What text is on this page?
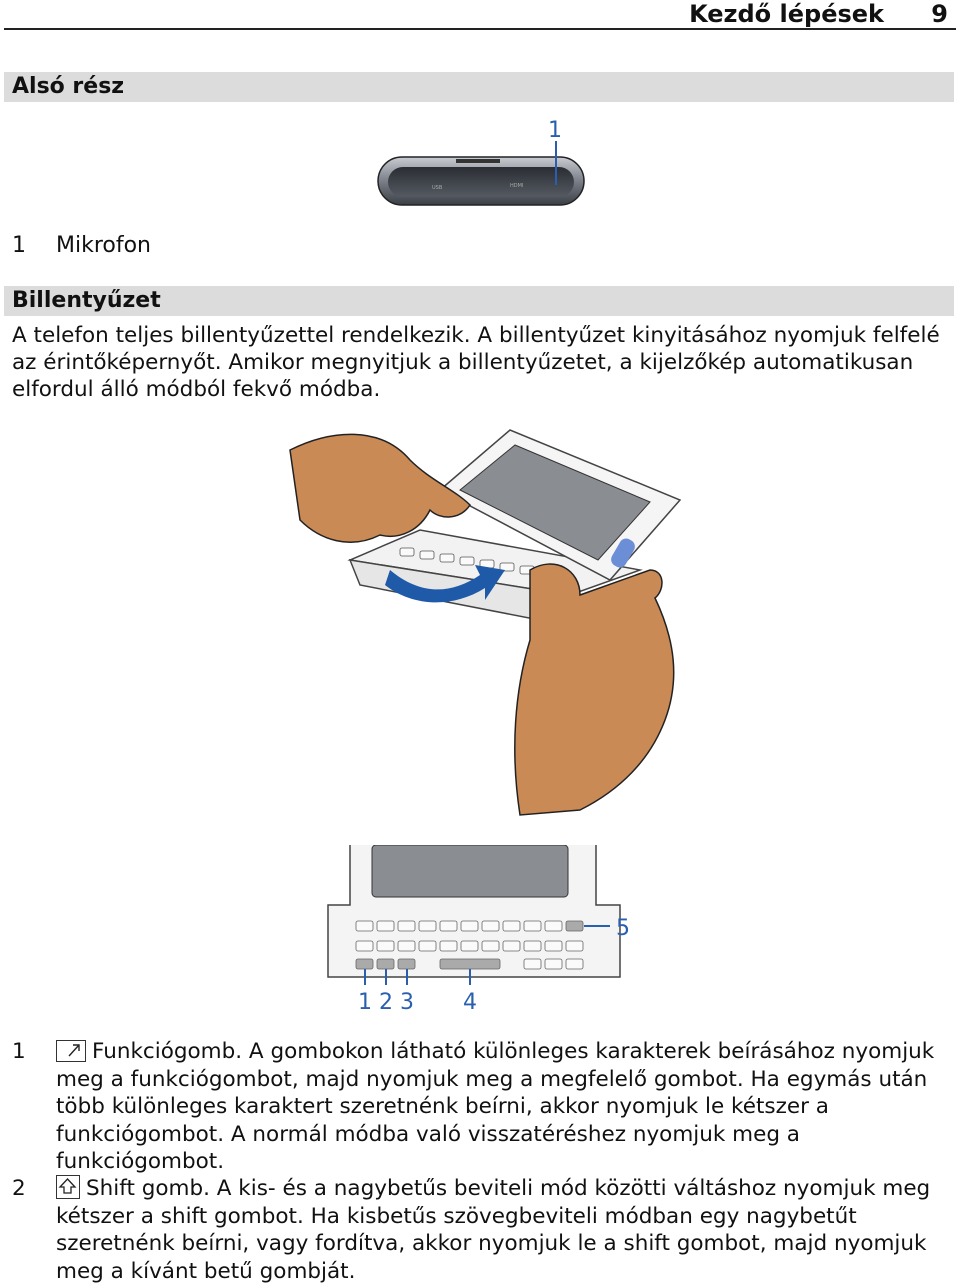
Kezdő lépések 9
Alsó rész
USB	HDMI
1
1 Mikrofon
Billentyűzet
A telefon teljes billentyűzettel rendelkezik. A billentyűzet kinyitásához nyomjuk felfelé az érintőképernyőt. Amikor megnyitjuk a billentyűzetet, a kijelzőkép automatikusan elfordul álló módból fekvő módba.
5
1 2 3 4
1	Funkciógomb. A gombokon látható különleges karakterek beírásához nyomjuk meg a funkciógombot, majd nyomjuk meg a megfelelő gombot. Ha egymás után több különleges karaktert szeretnénk beírni, akkor nyomjuk le kétszer a funkciógombot. A normál módba való visszatéréshez nyomjuk meg a funkciógombot.
2	Shift gomb. A kis- és a nagybetűs beviteli mód közötti váltáshoz nyomjuk meg kétszer a shift gombot. Ha kisbetűs szövegbeviteli módban egy nagybetűt szeretnénk beírni, vagy fordítva, akkor nyomjuk le a shift gombot, majd nyomjuk meg a kívánt betű gombját.
